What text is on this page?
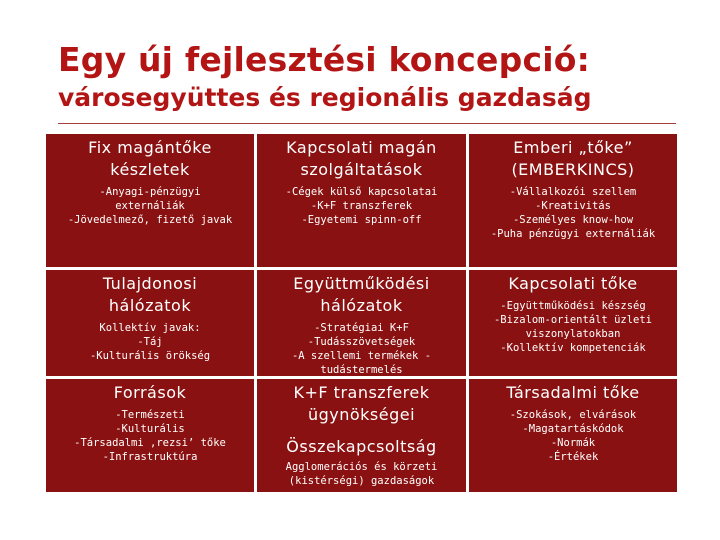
Egy új fejlesztési koncepció:
városegyüttes és regionális gazdaság
Fix magántőke
készletek
-Anyagi-pénzügyi
externáliák
-Jövedelmező, fizető javak
Kapcsolati magán
szolgáltatások
-Cégek külső kapcsolatai
-K+F transzferek
-Egyetemi spinn-off
Emberi „tőke”
(EMBERKINCS)
-Vállalkozói szellem
-Kreativitás
-Személyes know-how
-Puha pénzügyi externáliák
Tulajdonosi
hálózatok
Kollektív javak:
-Táj
-Kulturális örökség
Együttműködési
hálózatok
-Stratégiai K+F
-Tudásszövetségek
-A szellemi termékek -
tudástermelés
Kapcsolati tőke
-Együttműködési készség
-Bizalom-orientált üzleti
viszonylatokban
-Kollektív kompetenciák
Források
-Természeti
-Kulturális
-Társadalmi ‚rezsi’ tőke
-Infrastruktúra
K+F transzferek
ügynökségei
Összekapcsoltság
Agglomerációs és körzeti
(kistérségi) gazdaságok
Társadalmi tőke
-Szokások, elvárások
-Magatartáskódok
-Normák
-Értékek
